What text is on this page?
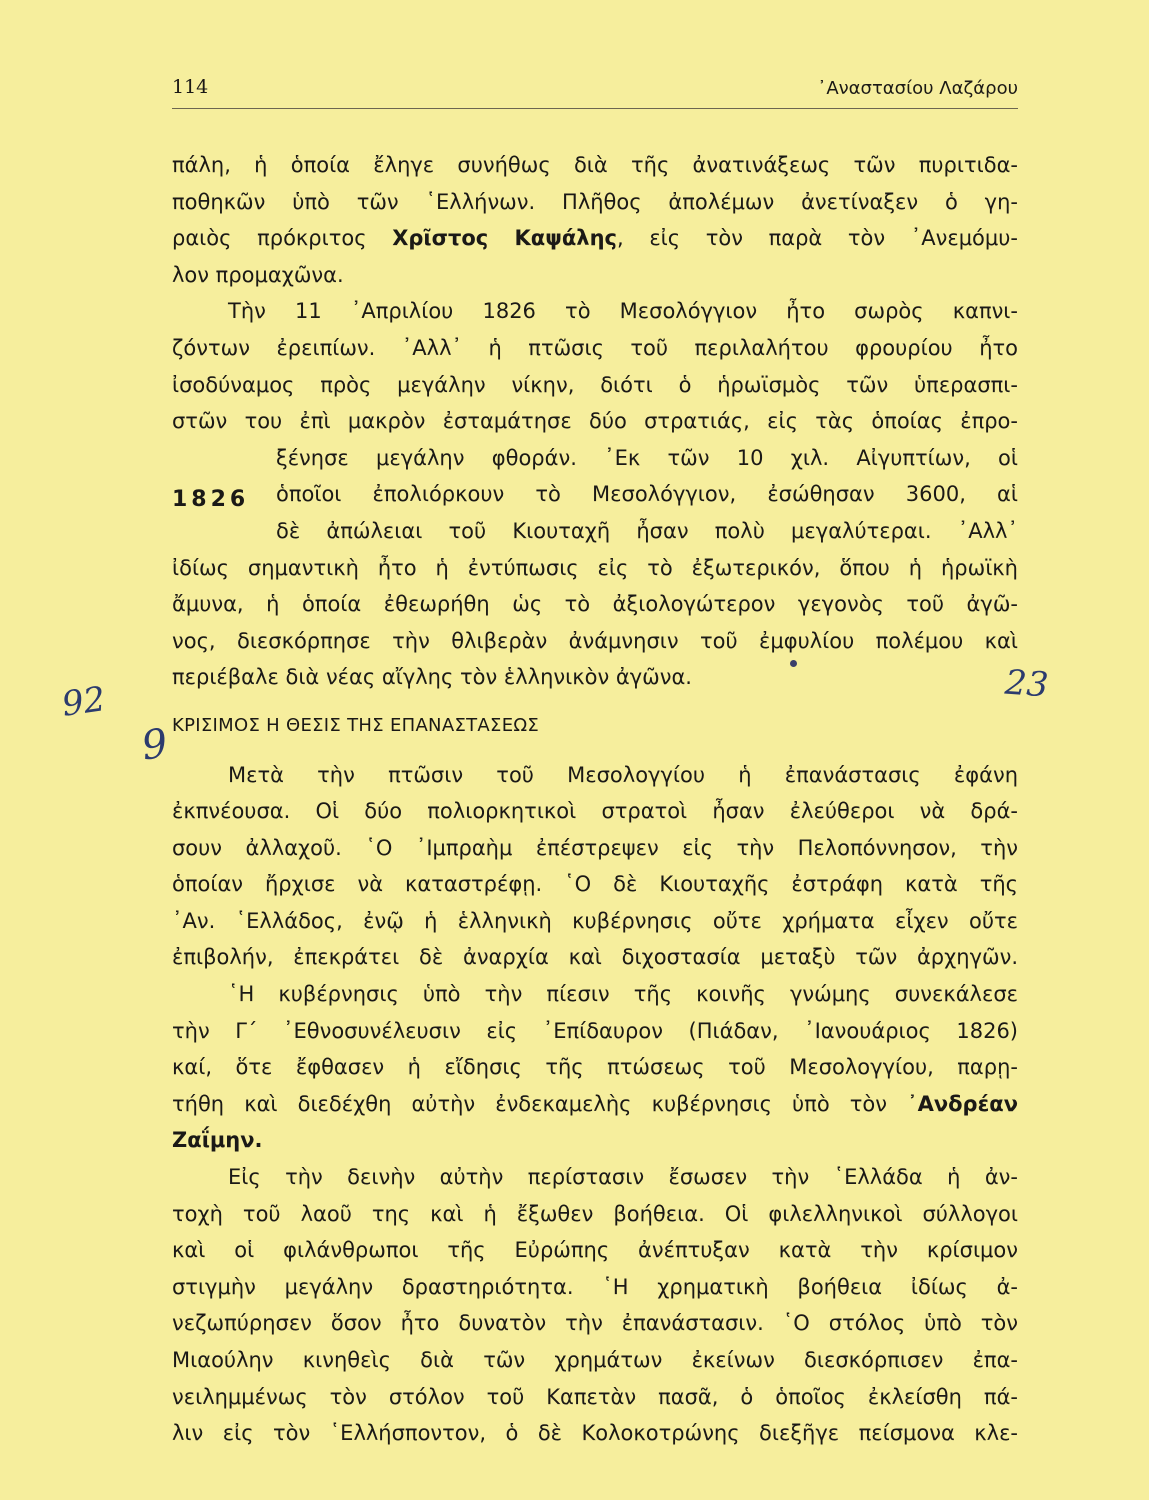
114	᾿Αναστασίου Λαζάρου
92	23
9
πάλη, ἡ ὁποία ἔληγε συνήθως διὰ τῆς ἀνατινάξεως τῶν πυριτιδα-
ποθηκῶν ὑπὸ τῶν ῾Ελλήνων. Πλῆθος ἀπολέμων ἀνετίναξεν ὁ γη-
ραιὸς πρόκριτος Χρῖστος Καψάλης, εἰς τὸν παρὰ τὸν ᾿Ανεμόμυ-
λον προμαχῶνα.
Τὴν 11 ᾿Απριλίου 1826 τὸ Μεσολόγγιον ἦτο σωρὸς καπνι-
ζόντων ἐρειπίων. ᾿Αλλ᾿ ἡ πτῶσις τοῦ περιλαλήτου φρουρίου ἦτο
ἰσοδύναμος πρὸς μεγάλην νίκην, διότι ὁ ἡρωϊσμὸς τῶν ὑπερασπι-
στῶν του ἐπὶ μακρὸν ἐσταμάτησε δύο στρατιάς, εἰς τὰς ὁποίας ἐπρο-
ξένησε μεγάλην φθοράν. ᾿Εκ τῶν 10 χιλ. Αἰγυπτίων, οἱ
ὁποῖοι ἐπολιόρκουν τὸ Μεσολόγγιον, ἐσώθησαν 3600, αἱ
δὲ ἀπώλειαι τοῦ Κιουταχῆ ἦσαν πολὺ μεγαλύτεραι. ᾿Αλλ᾿
1826
ἰδίως σημαντικὴ ἦτο ἡ ἐντύπωσις εἰς τὸ ἐξωτερικόν, ὅπου ἡ ἡρωϊκὴ
ἄμυνα, ἡ ὁποία ἐθεωρήθη ὡς τὸ ἀξιολογώτερον γεγονὸς τοῦ ἀγῶ-
νος, διεσκόρπησε τὴν θλιβερὰν ἀνάμνησιν τοῦ ἐμφυλίου πολέμου καὶ
περιέβαλε διὰ νέας αἴγλης τὸν ἑλληνικὸν ἀγῶνα.
ΚΡΙΣΙΜΟΣ Η ΘΕΣΙΣ ΤΗΣ ΕΠΑΝΑΣΤΑΣΕΩΣ
Μετὰ τὴν πτῶσιν τοῦ Μεσολογγίου ἡ ἐπανάστασις ἐφάνη
ἐκπνέουσα. Οἱ δύο πολιορκητικοὶ στρατοὶ ἦσαν ἐλεύθεροι νὰ δρά-
σουν ἀλλαχοῦ. ῾Ο ᾿Ιμπραὴμ ἐπέστρεψεν εἰς τὴν Πελοπόννησον, τὴν
ὁποίαν ἤρχισε νὰ καταστρέφῃ. ῾Ο δὲ Κιουταχῆς ἐστράφη κατὰ τῆς
᾿Αν. ῾Ελλάδος, ἐνῷ ἡ ἑλληνικὴ κυβέρνησις οὔτε χρήματα εἶχεν οὔτε
ἐπιβολήν, ἐπεκράτει δὲ ἀναρχία καὶ διχοστασία μεταξὺ τῶν ἀρχηγῶν.
῾Η κυβέρνησις ὑπὸ τὴν πίεσιν τῆς κοινῆς γνώμης συνεκάλεσε
τὴν Γ΄ ᾿Εθνοσυνέλευσιν εἰς ᾿Επίδαυρον (Πιάδαν, ᾿Ιανουάριος 1826)
καί, ὅτε ἔφθασεν ἡ εἴδησις τῆς πτώσεως τοῦ Μεσολογγίου, παρῃ-
τήθη καὶ διεδέχθη αὐτὴν ἐνδεκαμελὴς κυβέρνησις ὑπὸ τὸν ᾿Ανδρέαν
Ζαΐμην.
Εἰς τὴν δεινὴν αὐτὴν περίστασιν ἔσωσεν τὴν ῾Ελλάδα ἡ ἀν-
τοχὴ τοῦ λαοῦ της καὶ ἡ ἔξωθεν βοήθεια. Οἱ φιλελληνικοὶ σύλλογοι
καὶ οἱ φιλάνθρωποι τῆς Εὐρώπης ἀνέπτυξαν κατὰ τὴν κρίσιμον
στιγμὴν μεγάλην δραστηριότητα. ῾Η χρηματικὴ βοήθεια ἰδίως ἀ-
νεζωπύρησεν ὅσον ἦτο δυνατὸν τὴν ἐπανάστασιν. ῾Ο στόλος ὑπὸ τὸν
Μιαούλην κινηθεὶς διὰ τῶν χρημάτων ἐκείνων διεσκόρπισεν ἐπα-
νειλημμένως τὸν στόλον τοῦ Καπετὰν πασᾶ, ὁ ὁποῖος ἐκλείσθη πά-
λιν εἰς τὸν ῾Ελλήσποντον, ὁ δὲ Κολοκοτρώνης διεξῆγε πείσμονα κλε-
